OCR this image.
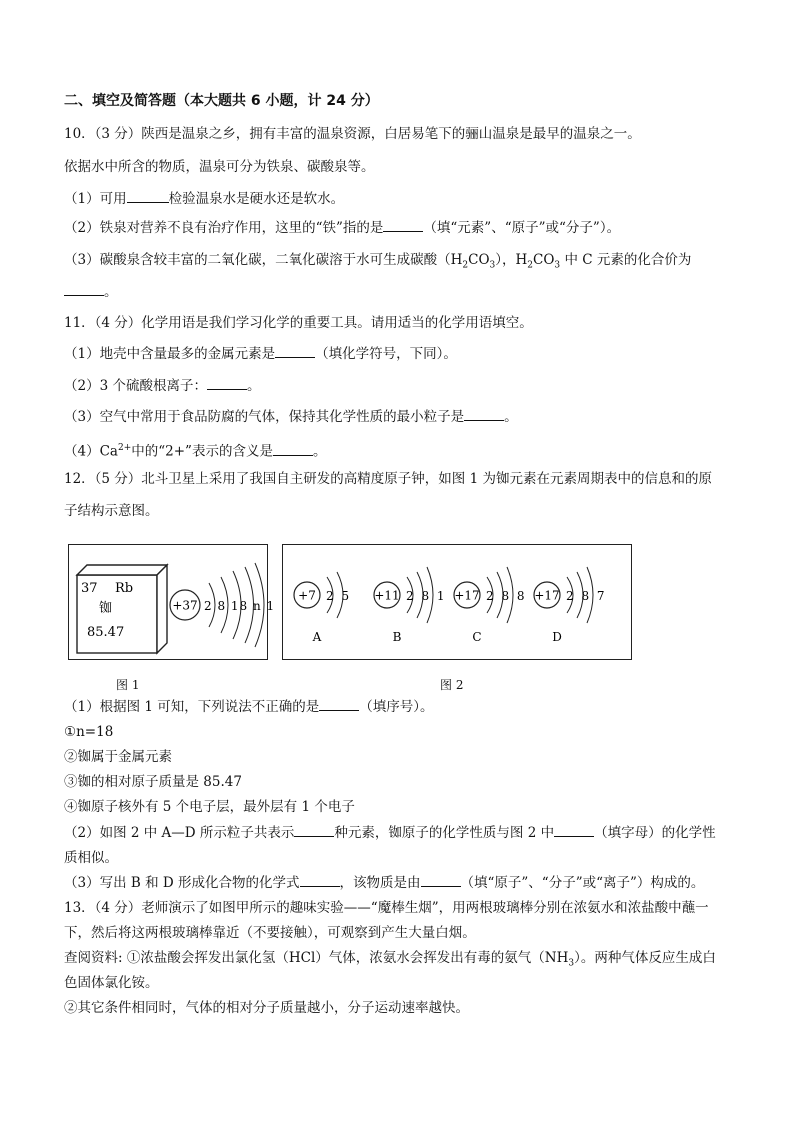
二、填空及简答题（本大题共 6 小题，计 24 分）
10．（3 分）陕西是温泉之乡，拥有丰富的温泉资源，白居易笔下的骊山温泉是最早的温泉之一。
依据水中所含的物质，温泉可分为铁泉、碳酸泉等。
（1）可用	检验温泉水是硬水还是软水。
（2）铁泉对营养不良有治疗作用，这里的“铁”指的是	（填“元素”、“原子”或“分子”）。
（3）碳酸泉含较丰富的二氧化碳，二氧化碳溶于水可生成碳酸$(H_2CO_3)$，$H_2CO_3$ 中 C 元素的化合价为
。
11．（4 分）化学用语是我们学习化学的重要工具。请用适当的化学用语填空。
（1）地壳中含量最多的金属元素是	（填化学符号，下同）。
（2）3 个硫酸根离子：	。
（3）空气中常用于食品防腐的气体，保持其化学性质的最小粒子是	。
$(4)Ca^{2+}$中的“2+”表示的含义是	。
12．（5 分）北斗卫星上采用了我国自主研发的高精度原子钟，如图 1 为铷元素在元素周期表中的信息和的原
子结构示意图。
37 Rb
铷
85.47
+37 2 8 18 n 1
+7 2 5
A
+11 2 8 1
B
+17 2 8 8
C
+17 2 8 7
D
图 1	图 2
（1）根据图 1 可知，下列说法不正确的是	（填序号）。
①n=18
②铷属于金属元素
③铷的相对原子质量是 85.47
④铷原子核外有 5 个电子层，最外层有 1 个电子
（2）如图 2 中 A—D 所示粒子共表示	种元素，铷原子的化学性质与图 2 中	（填字母）的化学性
质相似。
（3）写出 B 和 D 形成化合物的化学式	，该物质是由	（填“原子”、“分子”或“离子”）构成的。
13．（4 分）老师演示了如图甲所示的趣味实验——“魔棒生烟”，用两根玻璃棒分别在浓氨水和浓盐酸中蘸一
下，然后将这两根玻璃棒靠近（不要接触），可观察到产生大量白烟。
查阅资料: ①浓盐酸会挥发出氯化氢（HCl）气体，浓氨水会挥发出有毒的氨气$(NH_3)$。两种气体反应生成白
色固体氯化铵。
②其它条件相同时，气体的相对分子质量越小，分子运动速率越快。
